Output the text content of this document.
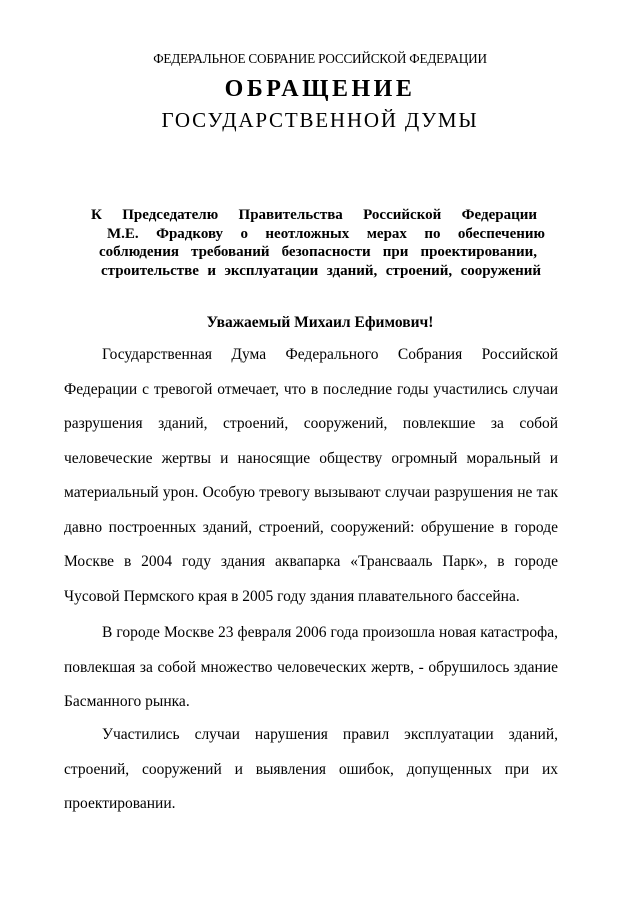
ФЕДЕРАЛЬНОЕ СОБРАНИЕ РОССИЙСКОЙ ФЕДЕРАЦИИ
ОБРАЩЕНИЕ
ГОСУДАРСТВЕННОЙ ДУМЫ
К Председателю Правительства Российской Федерации
М.Е. Фрадкову о неотложных мерах по обеспечению
соблюдения требований безопасности при проектировании,
строительстве и эксплуатации зданий, строений, сооружений
Уважаемый Михаил Ефимович!
Государственная Дума Федерального Собрания Российской
Федерации с тревогой отмечает, что в последние годы участились случаи
разрушения зданий, строений, сооружений, повлекшие за собой
человеческие жертвы и наносящие обществу огромный моральный и
материальный урон. Особую тревогу вызывают случаи разрушения не так
давно построенных зданий, строений, сооружений: обрушение в городе
Москве в 2004 году здания аквапарка «Трансвааль Парк», в городе
Чусовой Пермского края в 2005 году здания плавательного бассейна.
В городе Москве 23 февраля 2006 года произошла новая катастрофа,
повлекшая за собой множество человеческих жертв, - обрушилось здание
Басманного рынка.
Участились случаи нарушения правил эксплуатации зданий,
строений, сооружений и выявления ошибок, допущенных при их
проектировании.
